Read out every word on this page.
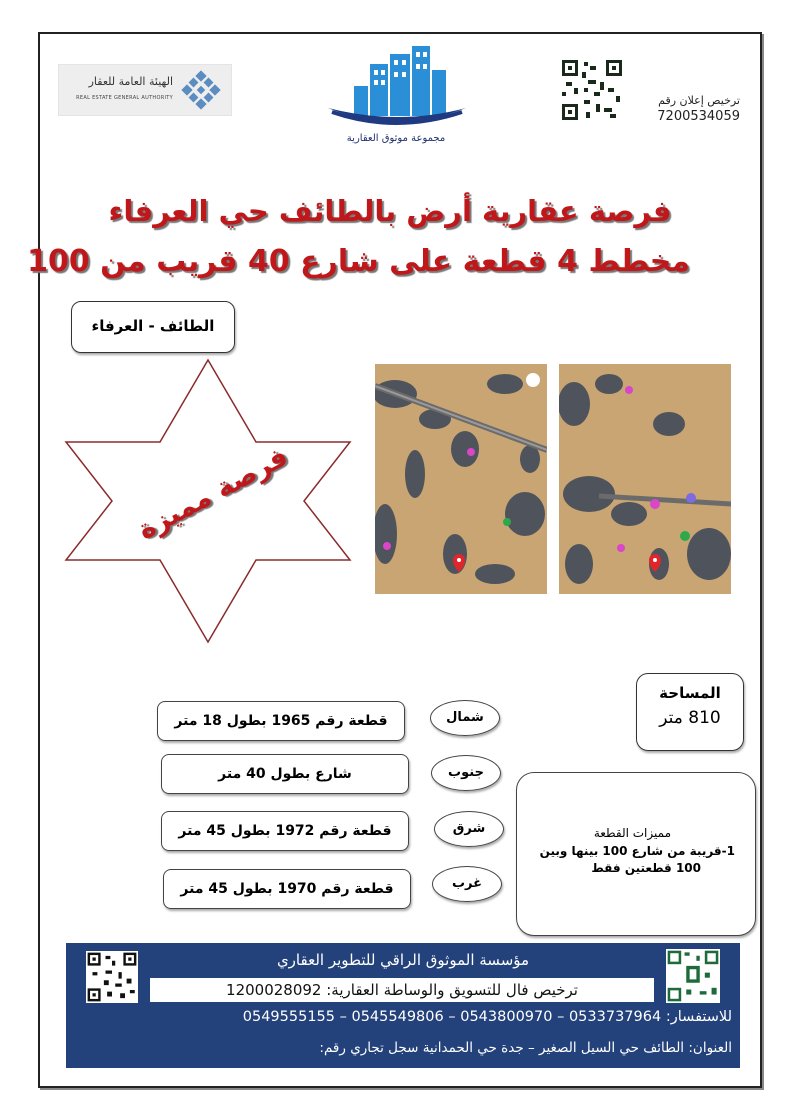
الهيئة العامة للعقار
REAL ESTATE GENERAL AUTHORITY
مجموعة موثوق العقارية
ترخيص إعلان رقم
7200534059
فرصة عقارية أرض بالطائف حي العرفاء
مخطط 4 قطعة على شارع 40 قريب من 100
الطائف - العرفاء
فرصة مميزة
المساحة
810 متر
شمال
قطعة رقم 1965 بطول 18 متر
جنوب
شارع بطول 40 متر
شرق
قطعة رقم 1972 بطول 45 متر
غرب
قطعة رقم 1970 بطول 45 متر
مميزات القطعة
1-قريبة من شارع 100 بينها وبين
100 قطعتين فقط
مؤسسة الموثوق الراقي للتطوير العقاري
ترخيص فال للتسويق والوساطة العقارية: 1200028092
للاستفسار: 0533737964 – 0543800970 – 0545549806 – 0549555155
العنوان: الطائف حي السيل الصغير – جدة حي الحمدانية سجل تجاري رقم:
